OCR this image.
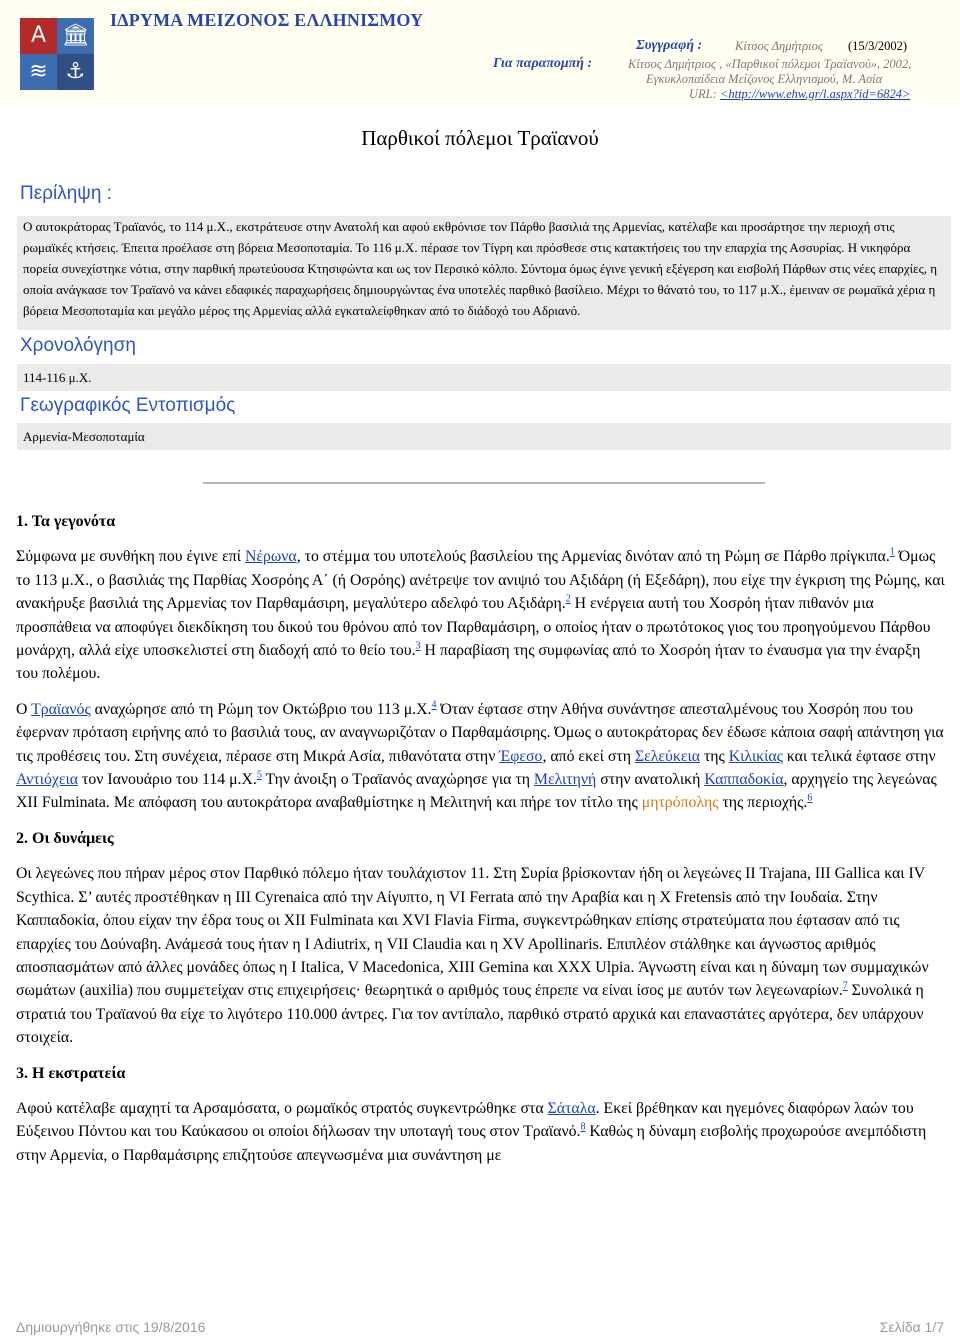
Α 🏛
≋ ⚓
ΙΔΡΥΜΑ ΜΕΙΖΟΝΟΣ ΕΛΛΗΝΙΣΜΟΥ
Συγγραφή :	Κίτσος Δημήτριος (15/3/2002)
Για παραπομπή :	Κίτσος Δημήτριος , «Παρθικοί πόλεμοι Τραϊανού», 2002,
Εγκυκλοπαίδεια Μείζονος Ελληνισμού, Μ. Ασία
URL: <http://www.ehw.gr/l.aspx?id=6824>
Παρθικοί πόλεμοι Τραϊανού
Περίληψη :

Ο αυτοκράτορας Τραϊανός, το 114 μ.Χ., εκστράτευσε στην Ανατολή και αφού εκθρόνισε τον Πάρθο βασιλιά της Αρμενίας, κατέλαβε και προσάρτησε την περιοχή στις ρωμαϊκές κτήσεις. Έπειτα προέλασε στη βόρεια Μεσοποταμία. Το 116 μ.Χ. πέρασε τον Τίγρη και πρόσθεσε στις κατακτήσεις του την επαρχία της Ασσυρίας. Η νικηφόρα πορεία συνεχίστηκε νότια, στην παρθική πρωτεύουσα Κτησιφώντα και ως τον Περσικό κόλπο. Σύντομα όμως έγινε γενική εξέγερση και εισβολή Πάρθων στις νέες επαρχίες, η οποία ανάγκασε τον Τραϊανό να κάνει εδαφικές παραχωρήσεις δημιουργώντας ένα υποτελές παρθικό βασίλειο. Μέχρι το θάνατό του, το 117 μ.Χ., έμειναν σε ρωμαϊκά χέρια η βόρεια Μεσοποταμία και μεγάλο μέρος της Αρμενίας αλλά εγκαταλείφθηκαν από το διάδοχό του Αδριανό.

Χρονολόγηση

114-116 μ.Χ.

Γεωγραφικός Εντοπισμός

Αρμενία-Μεσοποταμία

1. Τα γεγονότα

Σύμφωνα με συνθήκη που έγινε επί Νέρωνα, το στέμμα του υποτελούς βασιλείου της Αρμενίας δινόταν από τη Ρώμη σε Πάρθο πρίγκιπα.$^1$ Όμως το 113 μ.Χ., ο βασιλιάς της Παρθίας Χοσρόης Α΄ (ή Οσρόης) ανέτρεψε τον ανιψιό του Αξιδάρη (ή Εξεδάρη), που είχε την έγκριση της Ρώμης, και ανακήρυξε βασιλιά της Αρμενίας τον Παρθαμάσιρη, μεγαλύτερο αδελφό του Αξιδάρη.$^2$ Η ενέργεια αυτή του Χοσρόη ήταν πιθανόν μια προσπάθεια να αποφύγει διεκδίκηση του δικού του θρόνου από τον Παρθαμάσιρη, ο οποίος ήταν ο πρωτότοκος γιος του προηγούμενου Πάρθου μονάρχη, αλλά είχε υποσκελιστεί στη διαδοχή από το θείο του.$^3$ Η παραβίαση της συμφωνίας από το Χοσρόη ήταν το έναυσμα για την έναρξη του πολέμου.

Ο Τραϊανός αναχώρησε από τη Ρώμη τον Οκτώβριο του 113 μ.Χ.$^4$ Όταν έφτασε στην Αθήνα συνάντησε απεσταλμένους του Χοσρόη που του έφερναν πρόταση ειρήνης από το βασιλιά τους, αν αναγνωριζόταν ο Παρθαμάσιρης. Όμως ο αυτοκράτορας δεν έδωσε κάποια σαφή απάντηση για τις προθέσεις του. Στη συνέχεια, πέρασε στη Μικρά Ασία, πιθανότατα στην Έφεσο, από εκεί στη Σελεύκεια της Κιλικίας και τελικά έφτασε στην Αντιόχεια τον Ιανουάριο του 114 μ.Χ.$^5$ Την άνοιξη ο Τραϊανός αναχώρησε για τη Μελιτηνή στην ανατολική Καππαδοκία, αρχηγείο της λεγεώνας XII Fulminata. Με απόφαση του αυτοκράτορα αναβαθμίστηκε η Μελιτηνή και πήρε τον τίτλο της μητρόπολης της περιοχής.$^6$

2. Οι δυνάμεις

Οι λεγεώνες που πήραν μέρος στον Παρθικό πόλεμο ήταν τουλάχιστον 11. Στη Συρία βρίσκονταν ήδη οι λεγεώνες II Trajana, III Gallica και IV Scythica. Σ’ αυτές προστέθηκαν η III Cyrenaica από την Αίγυπτο, η VI Ferrata από την Αραβία και η X Fretensis από την Ιουδαία. Στην Καππαδοκία, όπου είχαν την έδρα τους οι XII Fulminata και XVI Flavia Firma, συγκεντρώθηκαν επίσης στρατεύματα που έφτασαν από τις επαρχίες του Δούναβη. Ανάμεσά τους ήταν η I Adiutrix, η VII Claudia και η XV Apollinaris. Επιπλέον στάλθηκε και άγνωστος αριθμός αποσπασμάτων από άλλες μονάδες όπως η I Italica, V Macedonica, XIII Gemina και XXX Ulpia. Άγνωστη είναι και η δύναμη των συμμαχικών σωμάτων (auxilia) που συμμετείχαν στις επιχειρήσεις· θεωρητικά ο αριθμός τους έπρεπε να είναι ίσος με αυτόν των λεγεωναρίων.$^7$ Συνολικά η στρατιά του Τραϊανού θα είχε το λιγότερο 110.000 άντρες. Για τον αντίπαλο, παρθικό στρατό αρχικά και επαναστάτες αργότερα, δεν υπάρχουν στοιχεία.

3. Η εκστρατεία

Αφού κατέλαβε αμαχητί τα Αρσαμόσατα, ο ρωμαϊκός στρατός συγκεντρώθηκε στα Σάταλα. Εκεί βρέθηκαν και ηγεμόνες διαφόρων λαών του Εύξεινου Πόντου και του Καύκασου οι οποίοι δήλωσαν την υποταγή τους στον Τραϊανό.$^8$ Καθώς η δύναμη εισβολής προχωρούσε ανεμπόδιστη στην Αρμενία, ο Παρθαμάσιρης επιζητούσε απεγνωσμένα μια συνάντηση με

Δημιουργήθηκε στις 19/8/2016	Σελίδα 1/7
